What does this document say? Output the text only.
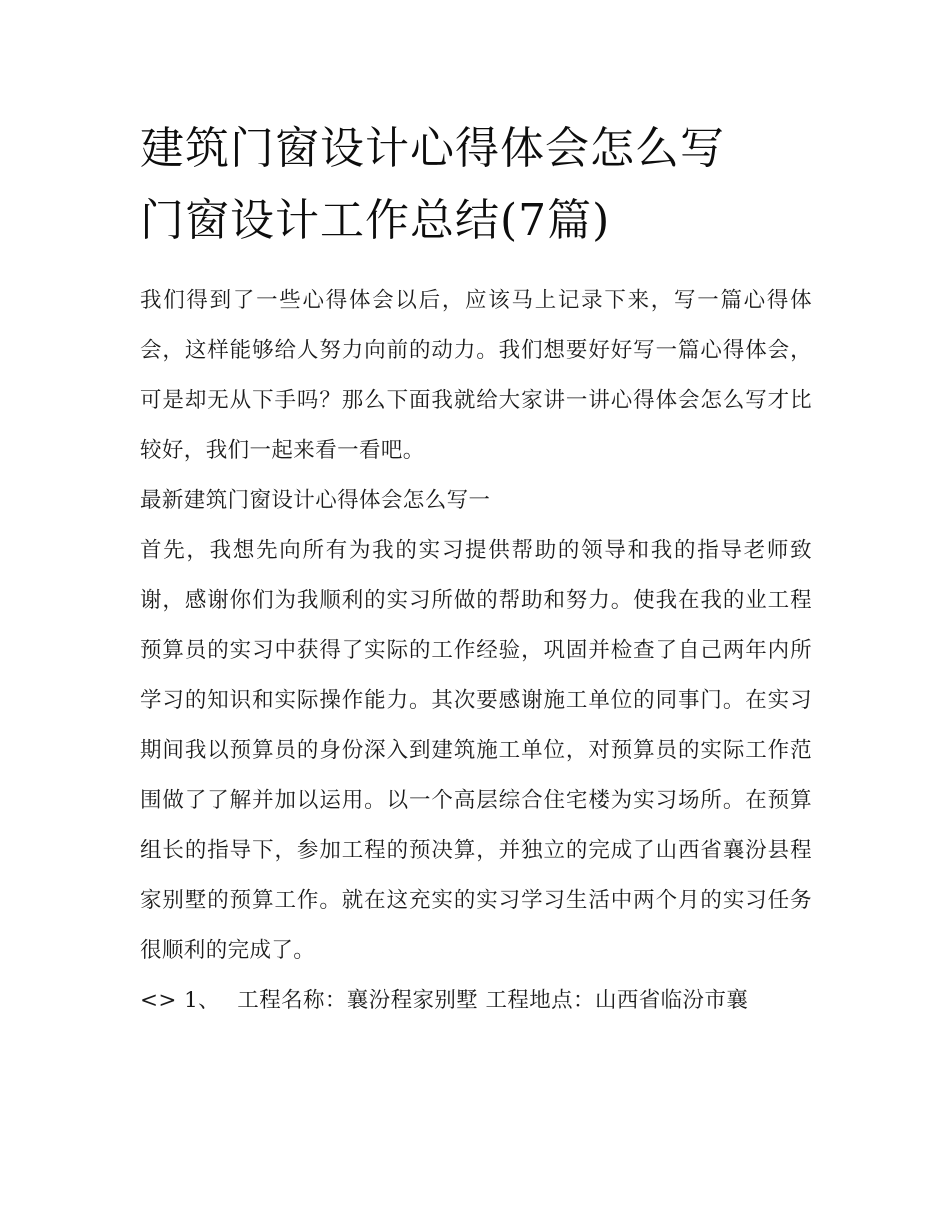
建筑门窗设计心得体会怎么写
门窗设计工作总结(7篇)

我们得到了一些心得体会以后，应该马上记录下来，写一篇心得体会，这样能够给人努力向前的动力。我们想要好好写一篇心得体会，可是却无从下手吗？那么下面我就给大家讲一讲心得体会怎么写才比较好，我们一起来看一看吧。

最新建筑门窗设计心得体会怎么写一

首先，我想先向所有为我的实习提供帮助的领导和我的指导老师致谢，感谢你们为我顺利的实习所做的帮助和努力。使我在我的业工程预算员的实习中获得了实际的工作经验，巩固并检查了自己两年内所学习的知识和实际操作能力。其次要感谢施工单位的同事门。在实习期间我以预算员的身份深入到建筑施工单位，对预算员的实际工作范围做了了解并加以运用。以一个高层综合住宅楼为实习场所。在预算组长的指导下，参加工程的预决算，并独立的完成了山西省襄汾县程家别墅的预算工作。就在这充实的实习学习生活中两个月的实习任务很顺利的完成了。

<> 1、 工程名称：襄汾程家别墅 工程地点：山西省临汾市襄
